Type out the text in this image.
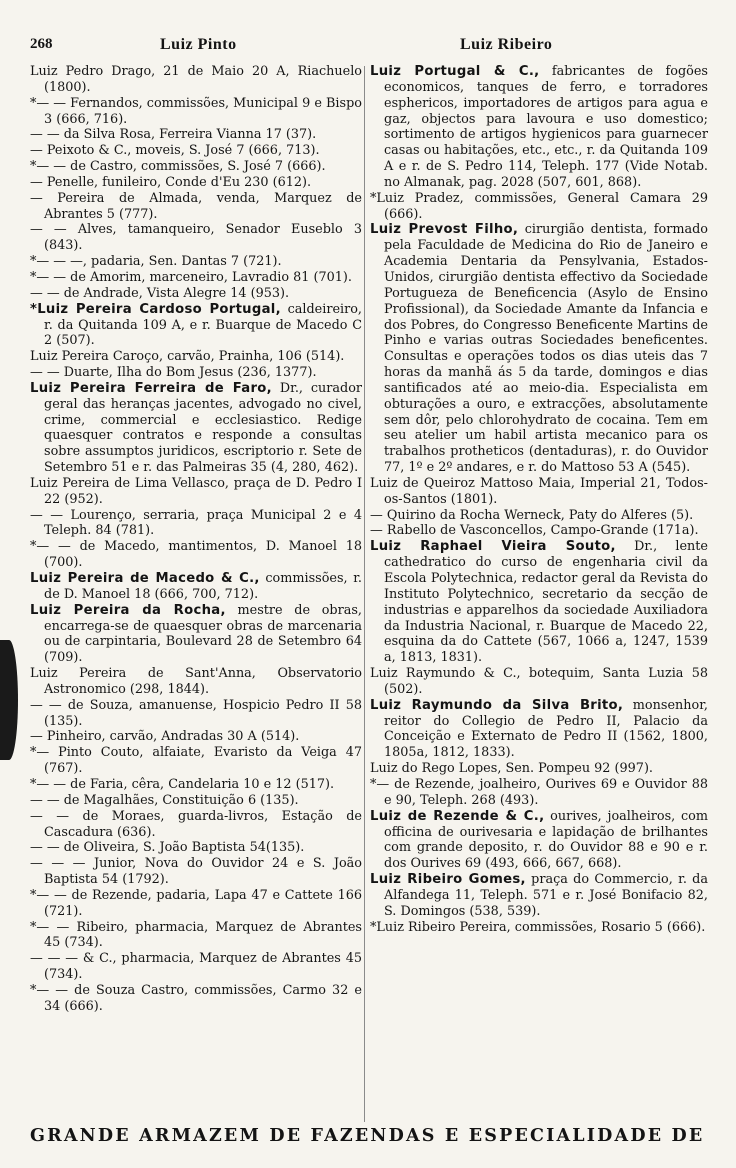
268	Luiz Pinto	Luiz Ribeiro

Luiz Pedro Drago, 21 de Maio 20 A, Riachuelo (1800).

*— — Fernandos, commissões, Municipal 9 e Bispo 3 (666, 716).

— — da Silva Rosa, Ferreira Vianna 17 (37).

— Peixoto & C., moveis, S. José 7 (666, 713).

*— — de Castro, commissões, S. José 7 (666).

— Penelle, funileiro, Conde d'Eu 230 (612).

— Pereira de Almada, venda, Marquez de Abrantes 5 (777).

— — Alves, tamanqueiro, Senador Euseblo 3 (843).

*— — —, padaria, Sen. Dantas 7 (721).

*— — de Amorim, marceneiro, Lavradio 81 (701).

— — de Andrade, Vista Alegre 14 (953).

*Luiz Pereira Cardoso Portugal, caldeireiro, r. da Quitanda 109 A, e r. Buarque de Macedo C 2 (507).

Luiz Pereira Caroço, carvão, Prainha, 106 (514).

— — Duarte, Ilha do Bom Jesus (236, 1377).

Luiz Pereira Ferreira de Faro, Dr., curador geral das heranças jacentes, advogado no civel, crime, commercial e ecclesiastico. Redige quaesquer contratos e responde a consultas sobre assumptos juridicos, escriptorio r. Sete de Setembro 51 e r. das Palmeiras 35 (4, 280, 462).

Luiz Pereira de Lima Vellasco, praça de D. Pedro I 22 (952).

— — Lourenço, serraria, praça Municipal 2 e 4 Teleph. 84 (781).

*— — de Macedo, mantimentos, D. Manoel 18 (700).

Luiz Pereira de Macedo & C., commissões, r. de D. Manoel 18 (666, 700, 712).

Luiz Pereira da Rocha, mestre de obras, encarrega-se de quaesquer obras de marcenaria ou de carpintaria, Boulevard 28 de Setembro 64 (709).

Luiz Pereira de Sant'Anna, Observatorio Astronomico (298, 1844).

— — de Souza, amanuense, Hospicio Pedro II 58 (135).

— Pinheiro, carvão, Andradas 30 A (514).

*— Pinto Couto, alfaiate, Evaristo da Veiga 47 (767).

*— — de Faria, cêra, Candelaria 10 e 12 (517).

— — de Magalhães, Constituição 6 (135).

— — de Moraes, guarda-livros, Estação de Cascadura (636).

— — de Oliveira, S. João Baptista 54(135).

— — — Junior, Nova do Ouvidor 24 e S. João Baptista 54 (1792).

*— — de Rezende, padaria, Lapa 47 e Cattete 166 (721).

*— — Ribeiro, pharmacia, Marquez de Abrantes 45 (734).

— — — & C., pharmacia, Marquez de Abrantes 45 (734).

*— — de Souza Castro, commissões, Carmo 32 e 34 (666).

Luiz Portugal & C., fabricantes de fogões economicos, tanques de ferro, e torradores esphericos, importadores de artigos para agua e gaz, objectos para lavoura e uso domestico; sortimento de artigos hygienicos para guarnecer casas ou habitações, etc., etc., r. da Quitanda 109 A e r. de S. Pedro 114, Teleph. 177 (Vide Notab. no Almanak, pag. 2028 (507, 601, 868).

*Luiz Pradez, commissões, General Camara 29 (666).

Luiz Prevost Filho, cirurgião dentista, formado pela Faculdade de Medicina do Rio de Janeiro e Academia Dentaria da Pensylvania, Estados-Unidos, cirurgião dentista effectivo da Sociedade Portugueza de Beneficencia (Asylo de Ensino Profissional), da Sociedade Amante da Infancia e dos Pobres, do Congresso Beneficente Martins de Pinho e varias outras Sociedades beneficentes. Consultas e operações todos os dias uteis das 7 horas da manhã ás 5 da tarde, domingos e dias santificados até ao meio-dia. Especialista em obturações a ouro, e extracções, absolutamente sem dôr, pelo chlorohydrato de cocaina. Tem em seu atelier um habil artista mecanico para os trabalhos protheticos (dentaduras), r. do Ouvidor 77, 1º e 2º andares, e r. do Mattoso 53 A (545).

Luiz de Queiroz Mattoso Maia, Imperial 21, Todos-os-Santos (1801).

— Quirino da Rocha Werneck, Paty do Alferes (5).

— Rabello de Vasconcellos, Campo-Grande (171a).

Luiz Raphael Vieira Souto, Dr., lente cathedratico do curso de engenharia civil da Escola Polytechnica, redactor geral da Revista do Instituto Polytechnico, secretario da secção de industrias e apparelhos da sociedade Auxiliadora da Industria Nacional, r. Buarque de Macedo 22, esquina da do Cattete (567, 1066 a, 1247, 1539 a, 1813, 1831).

Luiz Raymundo & C., botequim, Santa Luzia 58 (502).

Luiz Raymundo da Silva Brito, monsenhor, reitor do Collegio de Pedro II, Palacio da Conceição e Externato de Pedro II (1562, 1800, 1805a, 1812, 1833).

Luiz do Rego Lopes, Sen. Pompeu 92 (997).

*— de Rezende, joalheiro, Ourives 69 e Ouvidor 88 e 90, Teleph. 268 (493).

Luiz de Rezende & C., ourives, joalheiros, com officina de ourivesaria e lapidação de brilhantes com grande deposito, r. do Ouvidor 88 e 90 e r. dos Ourives 69 (493, 666, 667, 668).

Luiz Ribeiro Gomes, praça do Commercio, r. da Alfandega 11, Teleph. 571 e r. José Bonifacio 82, S. Domingos (538, 539).

*Luiz Ribeiro Pereira, commissões, Rosario 5 (666).

GRANDE ARMAZEM DE FAZENDAS E ESPECIALIDADE DE
